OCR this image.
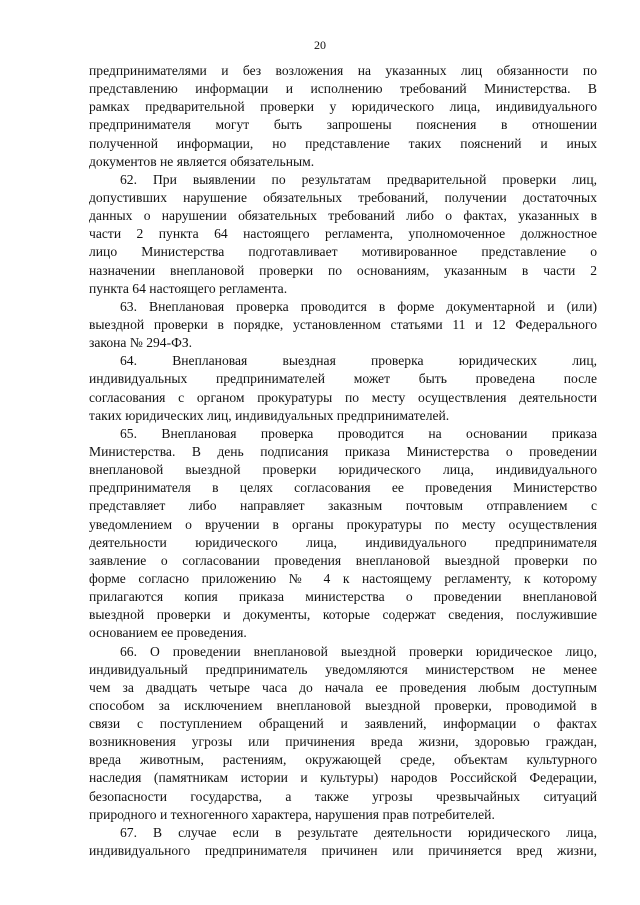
20
предпринимателями и без возложения на указанных лиц обязанности по
представлению информации и исполнению требований Министерства. В
рамках предварительной проверки у юридического лица, индивидуального
предпринимателя могут быть запрошены пояснения в отношении
полученной информации, но представление таких пояснений и иных
документов не является обязательным.
62. При выявлении по результатам предварительной проверки лиц,
допустивших нарушение обязательных требований, получении достаточных
данных о нарушении обязательных требований либо о фактах, указанных в
части 2 пункта 64 настоящего регламента, уполномоченное должностное
лицо Министерства подготавливает мотивированное представление о
назначении внеплановой проверки по основаниям, указанным в части 2
пункта 64 настоящего регламента.
63. Внеплановая проверка проводится в форме документарной и (или)
выездной проверки в порядке, установленном статьями 11 и 12 Федерального
закона № 294-ФЗ.
64. Внеплановая выездная проверка юридических лиц,
индивидуальных предпринимателей может быть проведена после
согласования с органом прокуратуры по месту осуществления деятельности
таких юридических лиц, индивидуальных предпринимателей.
65. Внеплановая проверка проводится на основании приказа
Министерства. В день подписания приказа Министерства о проведении
внеплановой выездной проверки юридического лица, индивидуального
предпринимателя в целях согласования ее проведения Министерство
представляет либо направляет заказным почтовым отправлением с
уведомлением о вручении в органы прокуратуры по месту осуществления
деятельности юридического лица, индивидуального предпринимателя
заявление о согласовании проведения внеплановой выездной проверки по
форме согласно приложению № 4 к настоящему регламенту, к которому
прилагаются копия приказа министерства о проведении внеплановой
выездной проверки и документы, которые содержат сведения, послужившие
основанием ее проведения.
66. О проведении внеплановой выездной проверки юридическое лицо,
индивидуальный предприниматель уведомляются министерством не менее
чем за двадцать четыре часа до начала ее проведения любым доступным
способом за исключением внеплановой выездной проверки, проводимой в
связи с поступлением обращений и заявлений, информации о фактах
возникновения угрозы или причинения вреда жизни, здоровью граждан,
вреда животным, растениям, окружающей среде, объектам культурного
наследия (памятникам истории и культуры) народов Российской Федерации,
безопасности государства, а также угрозы чрезвычайных ситуаций
природного и техногенного характера, нарушения прав потребителей.
67. В случае если в результате деятельности юридического лица,
индивидуального предпринимателя причинен или причиняется вред жизни,
